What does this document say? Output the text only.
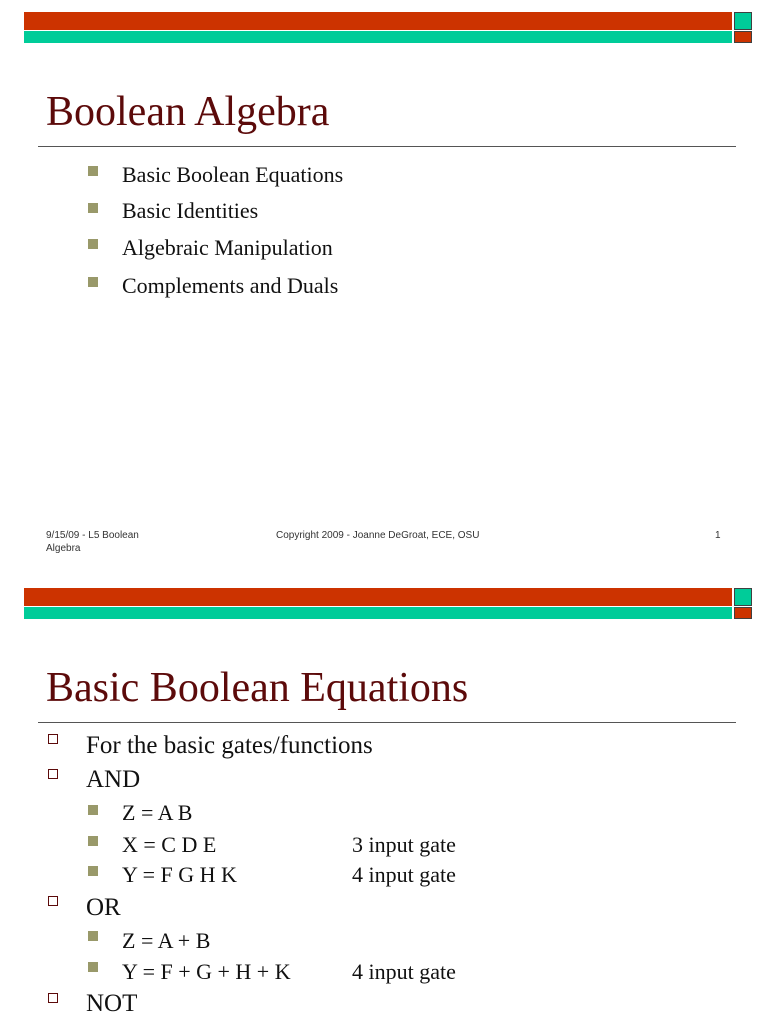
Boolean Algebra
Basic Boolean Equations
Basic Identities
Algebraic Manipulation
Complements and Duals
9/15/09 - L5 Boolean
Algebra
Copyright 2009 - Joanne DeGroat, ECE, OSU	1
Basic Boolean Equations
For the basic gates/functions
AND
Z = A B
X = C D E	3 input gate
Y = F G H K	4 input gate
OR
Z = A + B
Y = F + G + H + K	4 input gate
NOT
